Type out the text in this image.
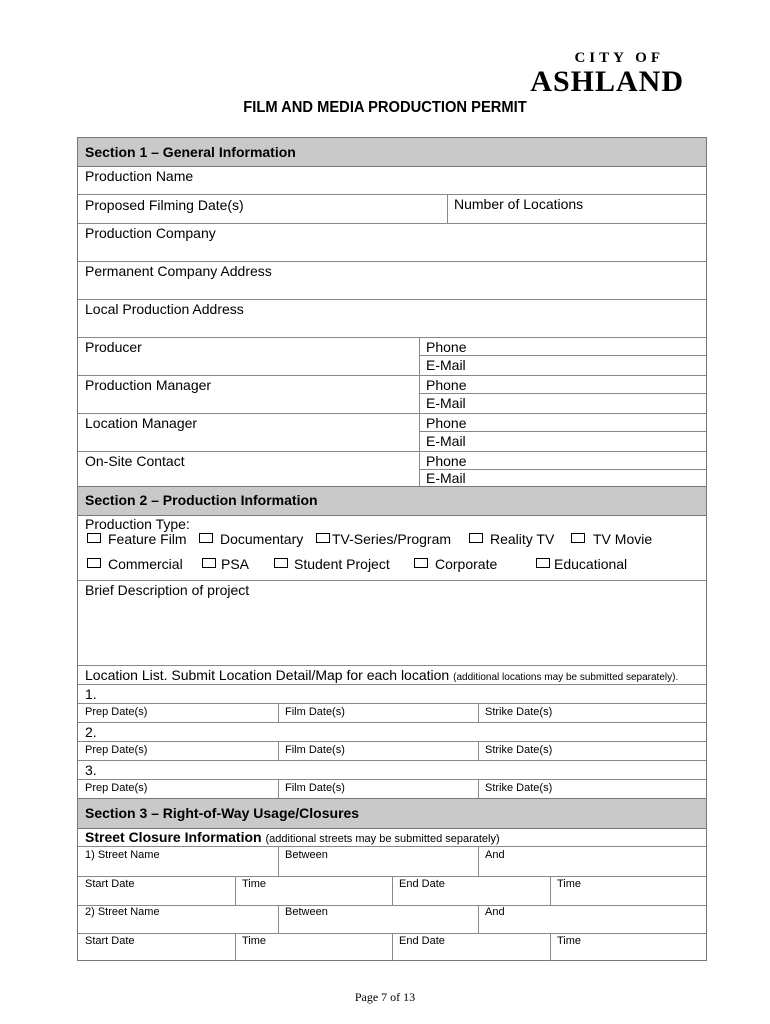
CITY OF
ASHLAND
FILM AND MEDIA PRODUCTION PERMIT
Section 1 – General Information
Production Name
Proposed Filming Date(s)	Number of Locations
Production Company
Permanent Company Address
Local Production Address
Producer	Phone
E-Mail
Production Manager	Phone
E-Mail
Location Manager	Phone
E-Mail
On-Site Contact	Phone
E-Mail
Section 2 – Production Information
Production Type:
Feature Film Documentary TV-Series/Program	Reality TV	TV Movie
Commercial	PSA	Student Project	Corporate	Educational
Brief Description of project
Location List. Submit Location Detail/Map for each location (additional locations may be submitted separately).
1.
Prep Date(s)	Film Date(s)	Strike Date(s)
2.
Prep Date(s)	Film Date(s)	Strike Date(s)
3.
Prep Date(s)	Film Date(s)	Strike Date(s)
Section 3 – Right-of-Way Usage/Closures
Street Closure Information (additional streets may be submitted separately)
1) Street Name	Between	And
Start Date	Time	End Date	Time
2) Street Name	Between	And
Start Date	Time	End Date	Time
Page 7 of 13
